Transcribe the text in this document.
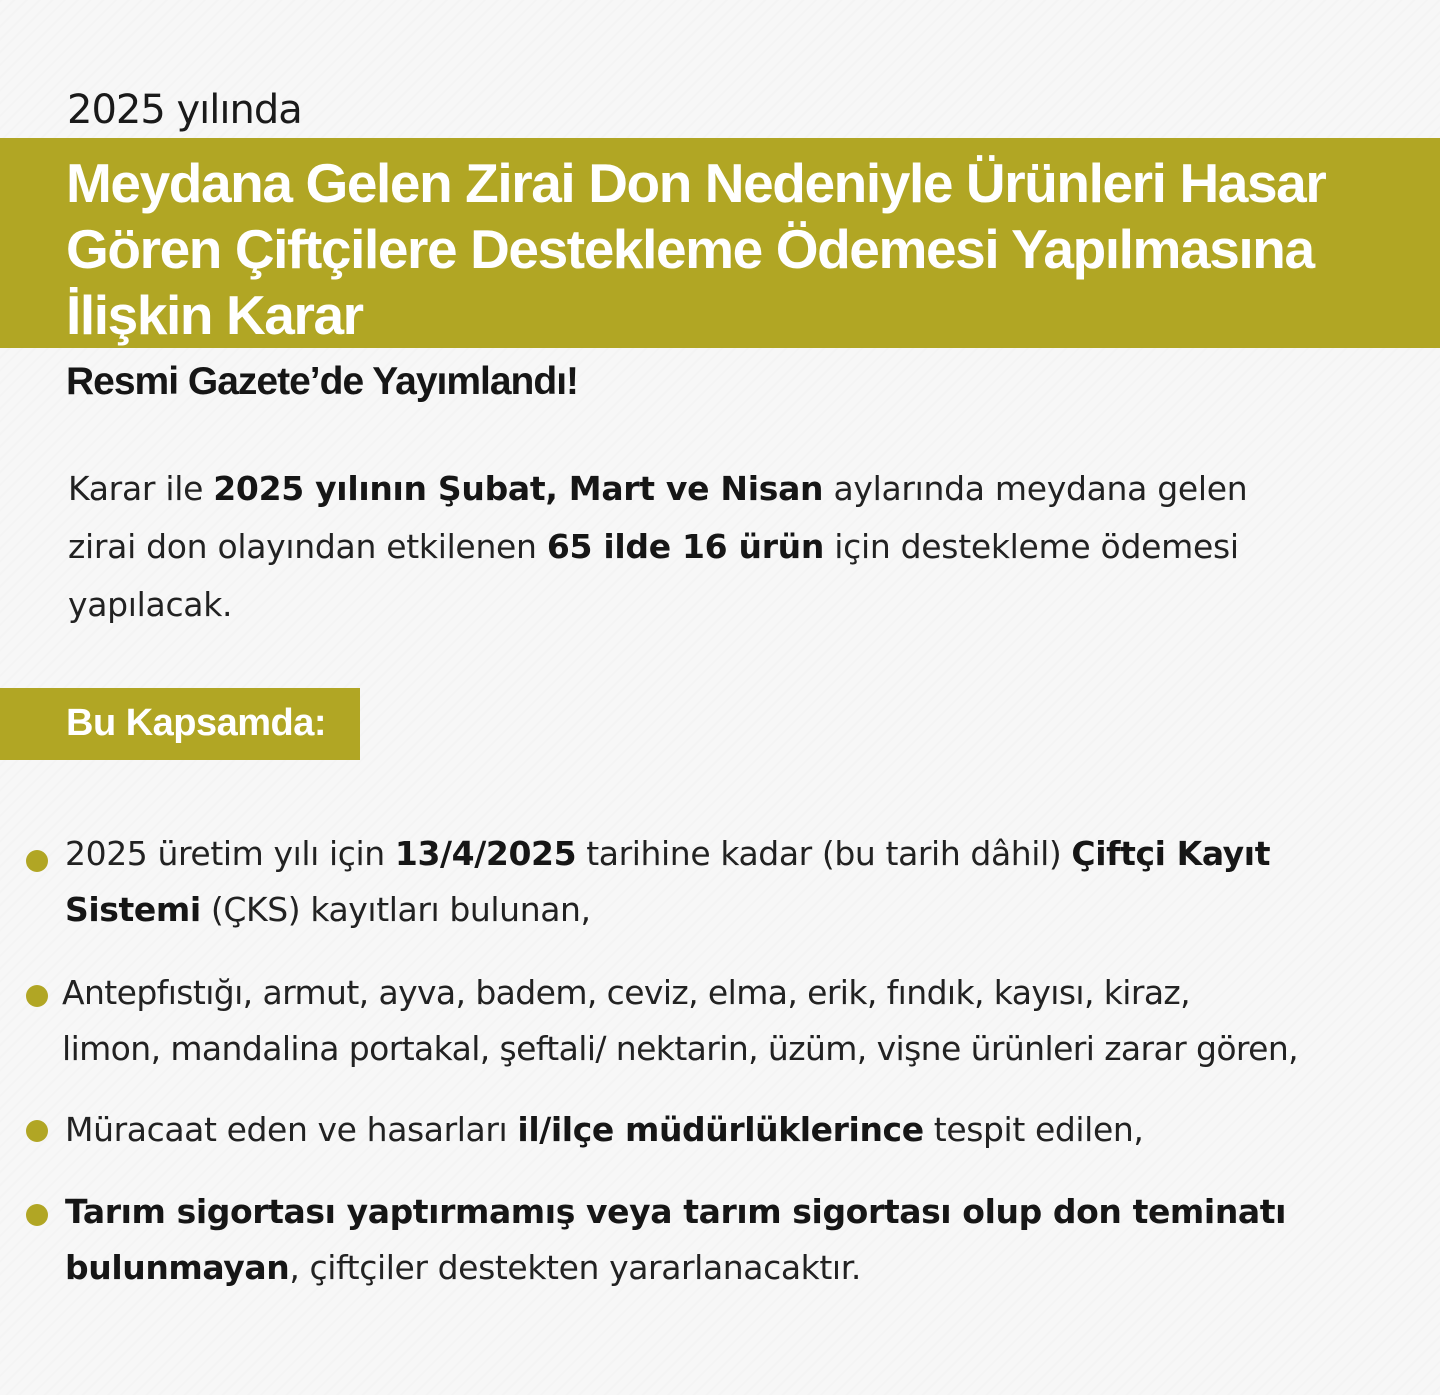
2025 yılında
Meydana Gelen Zirai Don Nedeniyle Ürünleri Hasar
Gören Çiftçilere Destekleme Ödemesi Yapılmasına
İlişkin Karar
Resmi Gazete’de Yayımlandı!

Karar ile 2025 yılının Şubat, Mart ve Nisan aylarında meydana gelen
zirai don olayından etkilenen 65 ilde 16 ürün için destekleme ödemesi
yapılacak.

Bu Kapsamda:
2025 üretim yılı için 13/4/2025 tarihine kadar (bu tarih dâhil) Çiftçi Kayıt
Sistemi (ÇKS) kayıtları bulunan,
Antepfıstığı, armut, ayva, badem, ceviz, elma, erik, fındık, kayısı, kiraz,
limon, mandalina portakal, şeftali/ nektarin, üzüm, vişne ürünleri zarar gören,
Müracaat eden ve hasarları il/ilçe müdürlüklerince tespit edilen,
Tarım sigortası yaptırmamış veya tarım sigortası olup don teminatı
bulunmayan, çiftçiler destekten yararlanacaktır.
